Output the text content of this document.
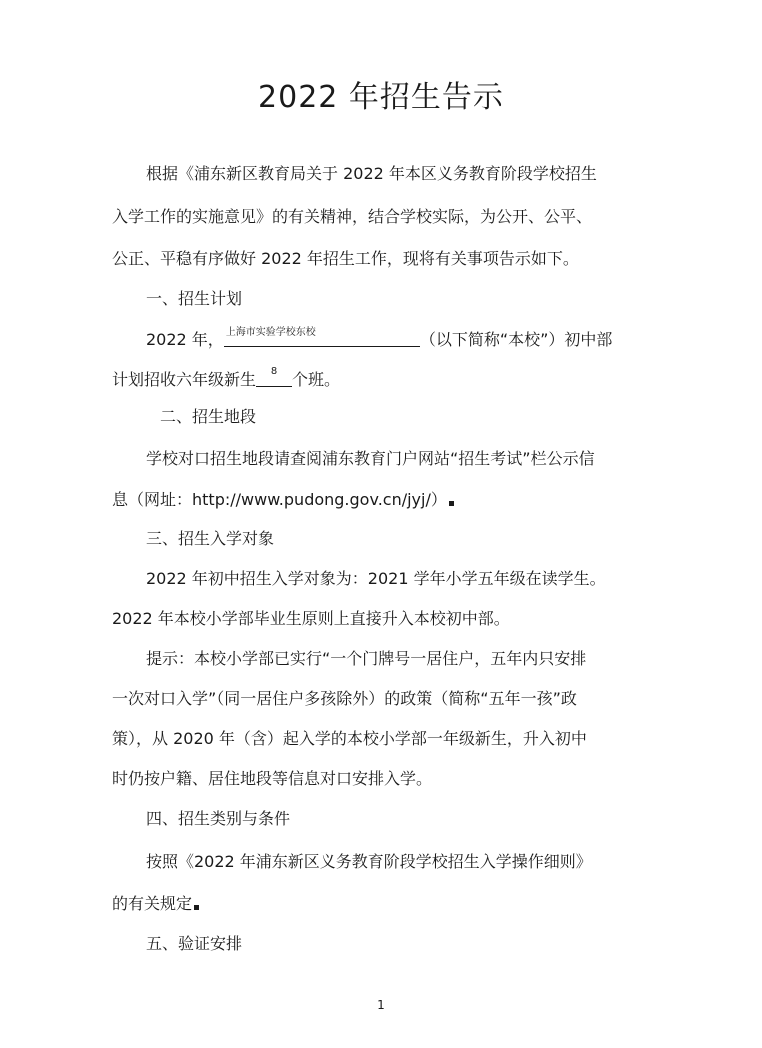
2022 年招生告示
根据《浦东新区教育局关于 2022 年本区义务教育阶段学校招生
入学工作的实施意见》的有关精神，结合学校实际，为公开、公平、
公正、平稳有序做好 2022 年招生工作，现将有关事项告示如下。
一、招生计划
2022 年， 上海市实验学校东校	（以下简称“本校”）初中部
计划招收六年级新生	8 个班。
二、招生地段
学校对口招生地段请查阅浦东教育门户网站“招生考试”栏公示信
息（网址：http://www.pudong.gov.cn/jyj/）
三、招生入学对象
2022 年初中招生入学对象为：2021 学年小学五年级在读学生。
2022 年本校小学部毕业生原则上直接升入本校初中部。
提示：本校小学部已实行“一个门牌号一居住户，五年内只安排
一次对口入学”（同一居住户多孩除外）的政策（简称“五年一孩”政
策），从 2020 年（含）起入学的本校小学部一年级新生，升入初中
时仍按户籍、居住地段等信息对口安排入学。
四、招生类别与条件
按照《2022 年浦东新区义务教育阶段学校招生入学操作细则》
的有关规定
五、验证安排
1
